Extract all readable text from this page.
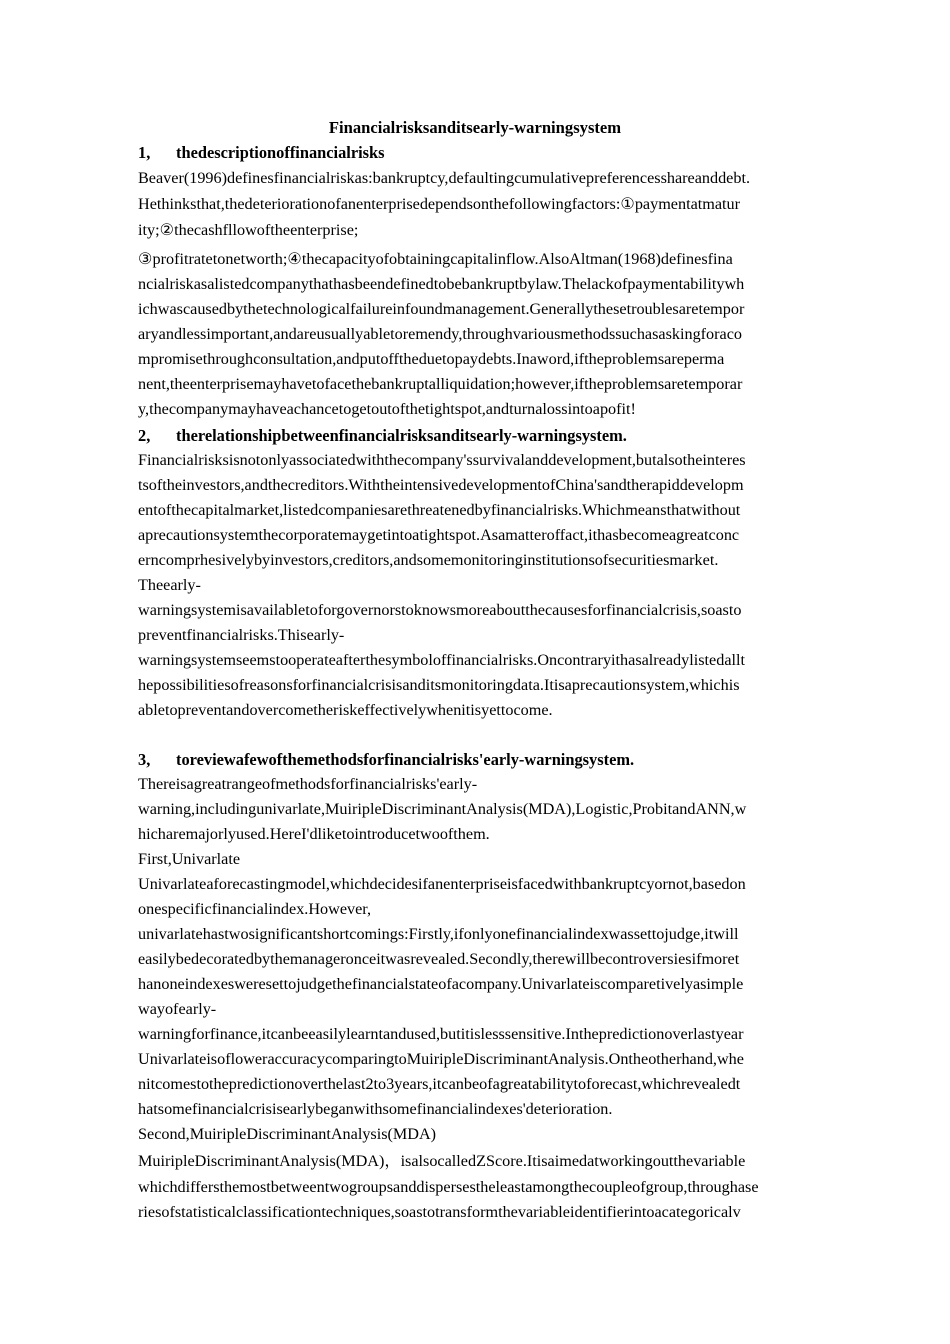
Financialrisksanditsearly-warningsystem
1, thedescriptionoffinancialrisks
Beaver(1996)definesfinancialriskas:bankruptcy,defaultingcumulativepreferencesshareanddebt.
Hethinksthat,thedeteriorationofanenterprisedependsonthefollowingfactors:①paymentatmatur
ity;②thecashfllowoftheenterprise;
③profitratetonetworth;④thecapacityofobtainingcapitalinflow.AlsoAltman(1968)definesfina
ncialriskasalistedcompanythathasbeendefinedtobebankruptbylaw.Thelackofpaymentabilitywh
ichwascausedbythetechnologicalfailureinfoundmanagement.Generallythesetroublesaretempor
aryandlessimportant,andareusuallyabletoremendy,throughvariousmethodssuchasaskingforaco
mpromisethroughconsultation,andputofftheduetopaydebts.Inaword,iftheproblemsareperma
nent,theenterprisemayhavetofacethebankruptalliquidation;however,iftheproblemsaretemporar
y,thecompanymayhaveachancetogetoutofthetightspot,andturnalossintoapofit!
2, therelationshipbetweenfinancialrisksanditsearly-warningsystem.
Financialrisksisnotonlyassociatedwiththecompany'ssurvivalanddevelopment,butalsotheinteres
tsoftheinvestors,andthecreditors.WiththeintensivedevelopmentofChina'sandtherapiddevelopm
entofthecapitalmarket,listedcompaniesarethreatenedbyfinancialrisks.Whichmeansthatwithout
aprecautionsystemthecorporatemaygetintoatightspot.Asamatteroffact,ithasbecomeagreatconc
erncomprhesivelybyinvestors,creditors,andsomemonitoringinstitutionsofsecuritiesmarket.
Theearly-
warningsystemisavailabletoforgovernorstoknowsmoreaboutthecausesforfinancialcrisis,soasto
preventfinancialrisks.Thisearly-
warningsystemseemstooperateafterthesymboloffinancialrisks.Oncontraryithasalreadylistedallt
hepossibilitiesofreasonsforfinancialcrisisanditsmonitoringdata.Itisaprecautionsystem,whichis
abletopreventandovercometheriskeffectivelywhenitisyettocome.
3, toreviewafewofthemethodsforfinancialrisks'early-warningsystem.
Thereisagreatrangeofmethodsforfinancialrisks'early-
warning,includingunivarlate,MuiripleDiscriminantAnalysis(MDA),Logistic,ProbitandANN,w
hicharemajorlyused.HereI'dliketointroducetwoofthem.
First,Univarlate
Univarlateaforecastingmodel,whichdecidesifanenterpriseisfacedwithbankruptcyornot,basedon
onespecificfinancialindex.However,
univarlatehastwosignificantshortcomings:Firstly,ifonlyonefinancialindexwassettojudge,itwill
easilybedecoratedbythemanageronceitwasrevealed.Secondly,therewillbecontroversiesifmoret
hanoneindexesweresettojudgethefinancialstateofacompany.Univarlateiscomparetivelyasimple
wayofearly-
warningforfinance,itcanbeeasilylearntandused,butitislesssensitive.Inthepredictionoverlastyear
UnivarlateisofloweraccuracycomparingtoMuiripleDiscriminantAnalysis.Ontheotherhand,whe
nitcomestothepredictionoverthelast2to3years,itcanbeofagreatabilitytoforecast,whichrevealedt
hatsomefinancialcrisisearlybeganwithsomefinancialindexes'deterioration.
Second,MuiripleDiscriminantAnalysis(MDA)
MuiripleDiscriminantAnalysis(MDA)，isalsocalledZScore.Itisaimedatworkingoutthevariable
whichdiffersthemostbetweentwogroupsanddispersestheleastamongthecoupleofgroup,throughase
riesofstatisticalclassificationtechniques,soastotransformthevariableidentifierintoacategoricalv
